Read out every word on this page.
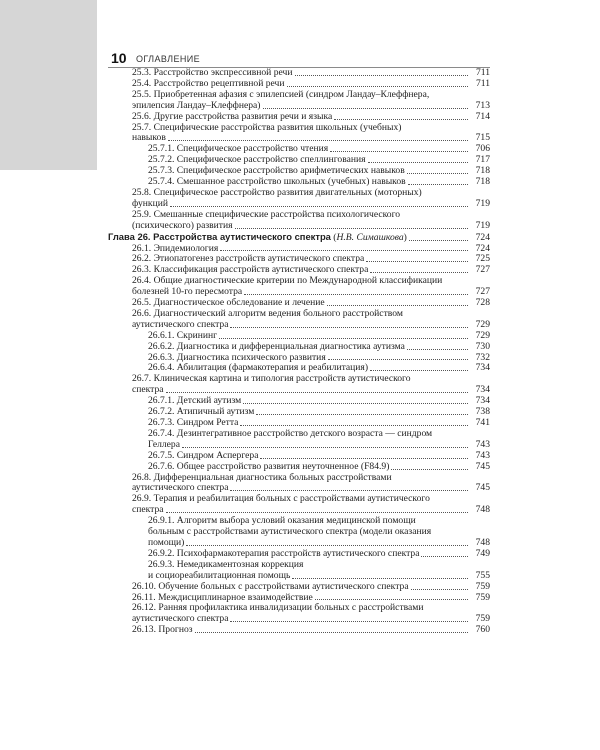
10 ОГЛАВЛЕНИЕ

25.3. Расстройство экспрессивной речи	711

25.4. Расстройство рецептивной речи	711

25.5. Приобретенная афазия с эпилепсией (синдром Ландау–Клеффнера,
эпилепсия Ландау–Клеффнера)	713

25.6. Другие расстройства развития речи и языка	714

25.7. Специфические расстройства развития школьных (учебных)
навыков	715

25.7.1. Специфическое расстройство чтения	706

25.7.2. Специфическое расстройство спеллингования	717

25.7.3. Специфическое расстройство арифметических навыков	718

25.7.4. Смешанное расстройство школьных (учебных) навыков	718

25.8. Специфическое расстройство развития двигательных (моторных)
функций	719

25.9. Смешанные специфические расстройства психологического
(психического) развития	719

Глава 26. Расстройства аутистического спектра (Н.В. Симашкова)	724

26.1. Эпидемиология	724

26.2. Этиопатогенез расстройств аутистического спектра	725

26.3. Классификация расстройств аутистического спектра	727

26.4. Общие диагностические критерии по Международной классификации
болезней 10-го пересмотра	727

26.5. Диагностическое обследование и лечение	728

26.6. Диагностический алгоритм ведения больного расстройством
аутистического спектра	729

26.6.1. Скрининг	729

26.6.2. Диагностика и дифференциальная диагностика аутизма	730

26.6.3. Диагностика психического развития	732

26.6.4. Абилитация (фармакотерапия и реабилитация)	734

26.7. Клиническая картина и типология расстройств аутистического
спектра	734

26.7.1. Детский аутизм	734

26.7.2. Атипичный аутизм	738

26.7.3. Синдром Ретта	741

26.7.4. Дезинтегративное расстройство детского возраста — синдром
Геллера	743

26.7.5. Синдром Аспергера	743

26.7.6. Общее расстройство развития неуточненное (F84.9)	745

26.8. Дифференциальная диагностика больных расстройствами
аутистического спектра	745

26.9. Терапия и реабилитация больных с расстройствами аутистического
спектра	748

26.9.1. Алгоритм выбора условий оказания медицинской помощи
больным с расстройствами аутистического спектра (модели оказания
помощи)	748

26.9.2. Психофармакотерапия расстройств аутистического спектра	749

26.9.3. Немедикаментозная коррекция
и социореабилитационная помощь	755

26.10. Обучение больных с расстройствами аутистического спектра	759

26.11. Междисциплинарное взаимодействие	759

26.12. Ранняя профилактика инвалидизации больных с расстройствами
аутистического спектра	759

26.13. Прогноз	760
